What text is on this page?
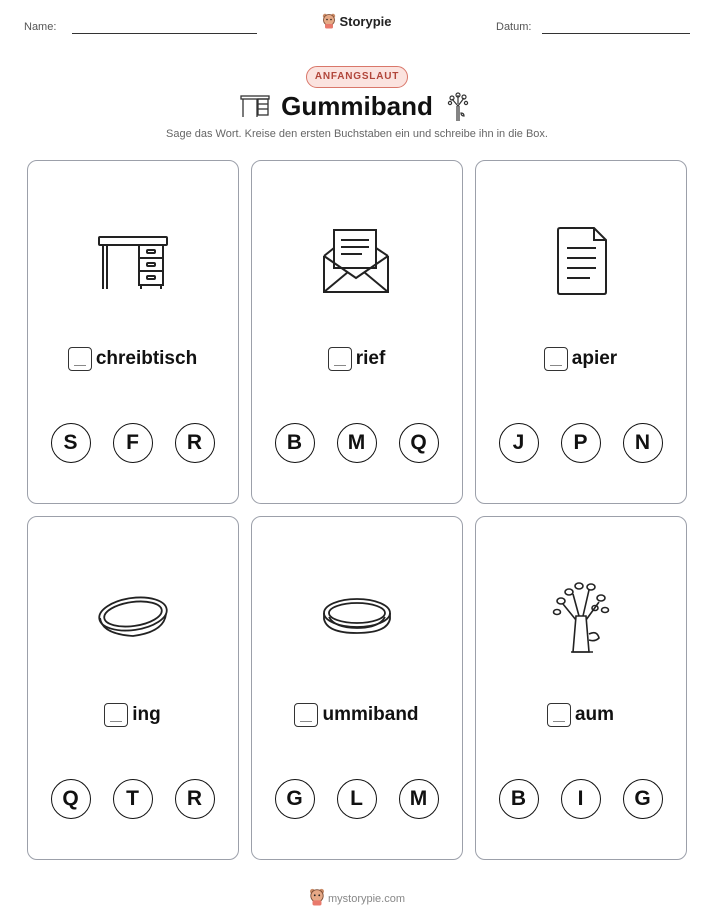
Name:	Storypie	Datum:
ANFANGSLAUT
Gummiband
Sage das Wort. Kreise den ersten Buchstaben ein und schreibe ihn in die Box.
chreibtisch
S	F	R
rief
B	M	Q
apier
J	P	N
ing
Q	T	R
ummiband
G	L	M
aum
B	I	G
mystorypie.com
